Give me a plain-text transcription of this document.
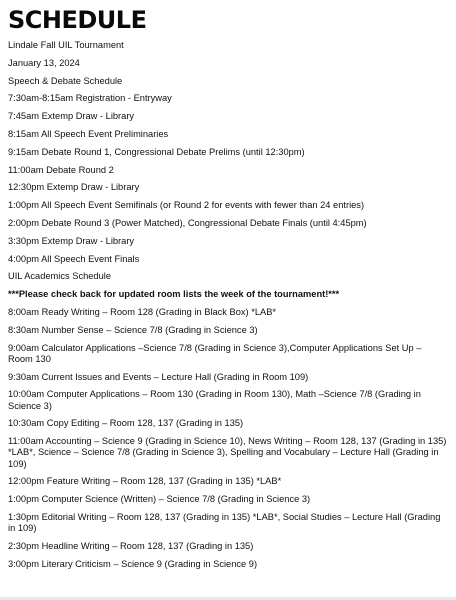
SCHEDULE
Lindale Fall UIL Tournament
January 13, 2024
Speech & Debate Schedule
7:30am-8:15am Registration - Entryway
7:45am Extemp Draw - Library
8:15am All Speech Event Preliminaries
9:15am Debate Round 1, Congressional Debate Prelims (until 12:30pm)
11:00am Debate Round 2
12:30pm Extemp Draw - Library
1:00pm All Speech Event Semifinals (or Round 2 for events with fewer than 24 entries)
2:00pm Debate Round 3 (Power Matched), Congressional Debate Finals (until 4:45pm)
3:30pm Extemp Draw - Library
4:00pm All Speech Event Finals
UIL Academics Schedule
***Please check back for updated room lists the week of the tournament!***
8:00am Ready Writing – Room 128 (Grading in Black Box) *LAB*
8:30am Number Sense – Science 7/8 (Grading in Science 3)
9:00am Calculator Applications –Science 7/8 (Grading in Science 3),Computer Applications Set Up – Room 130
9:30am Current Issues and Events – Lecture Hall (Grading in Room 109)
10:00am Computer Applications – Room 130 (Grading in Room 130), Math –Science 7/8 (Grading in Science 3)
10:30am Copy Editing – Room 128, 137 (Grading in 135)
11:00am Accounting – Science 9 (Grading in Science 10), News Writing – Room 128, 137 (Grading in 135) *LAB*, Science – Science 7/8 (Grading in Science 3), Spelling and Vocabulary – Lecture Hall (Grading in 109)
12:00pm Feature Writing – Room 128, 137 (Grading in 135) *LAB*
1:00pm Computer Science (Written) – Science 7/8 (Grading in Science 3)
1:30pm Editorial Writing – Room 128, 137 (Grading in 135) *LAB*, Social Studies – Lecture Hall (Grading in 109)
2:30pm Headline Writing – Room 128, 137 (Grading in 135)
3:00pm Literary Criticism – Science 9 (Grading in Science 9)
